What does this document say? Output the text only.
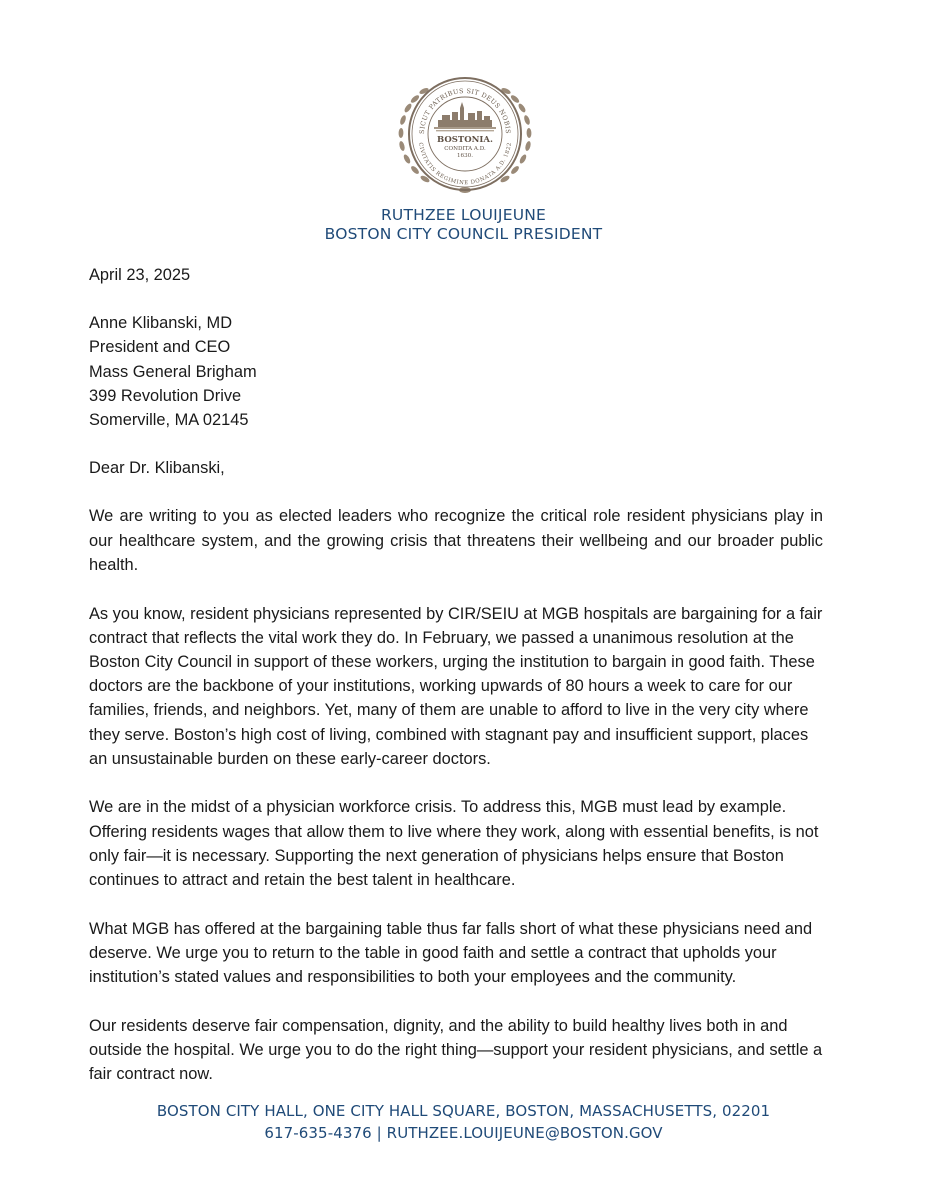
SICUT PATRIBUS SIT DEUS NOBIS
CIVITATIS REGIMINE DONATA A.D. 1822
BOSTONIA.
CONDITA A.D.
1630.
RUTHZEE LOUIJEUNE
BOSTON CITY COUNCIL PRESIDENT

April 23, 2025

Anne Klibanski, MD

President and CEO

Mass General Brigham

399 Revolution Drive

Somerville, MA 02145

Dear Dr. Klibanski,

We are writing to you as elected leaders who recognize the critical role resident physicians play in our healthcare system, and the growing crisis that threatens their wellbeing and our broader public health.

As you know, resident physicians represented by CIR/SEIU at MGB hospitals are bargaining for a fair contract that reflects the vital work they do. In February, we passed a unanimous resolution at the Boston City Council in support of these workers, urging the institution to bargain in good faith. These doctors are the backbone of your institutions, working upwards of 80 hours a week to care for our families, friends, and neighbors. Yet, many of them are unable to afford to live in the very city where they serve. Boston’s high cost of living, combined with stagnant pay and insufficient support, places an unsustainable burden on these early-career doctors.

We are in the midst of a physician workforce crisis. To address this, MGB must lead by example. Offering residents wages that allow them to live where they work, along with essential benefits, is not only fair—it is necessary. Supporting the next generation of physicians helps ensure that Boston continues to attract and retain the best talent in healthcare.

What MGB has offered at the bargaining table thus far falls short of what these physicians need and deserve. We urge you to return to the table in good faith and settle a contract that upholds your institution’s stated values and responsibilities to both your employees and the community.

Our residents deserve fair compensation, dignity, and the ability to build healthy lives both in and outside the hospital. We urge you to do the right thing—support your resident physicians, and settle a fair contract now.

BOSTON CITY HALL, ONE CITY HALL SQUARE, BOSTON, MASSACHUSETTS, 02201
617-635-4376 | RUTHZEE.LOUIJEUNE@BOSTON.GOV
